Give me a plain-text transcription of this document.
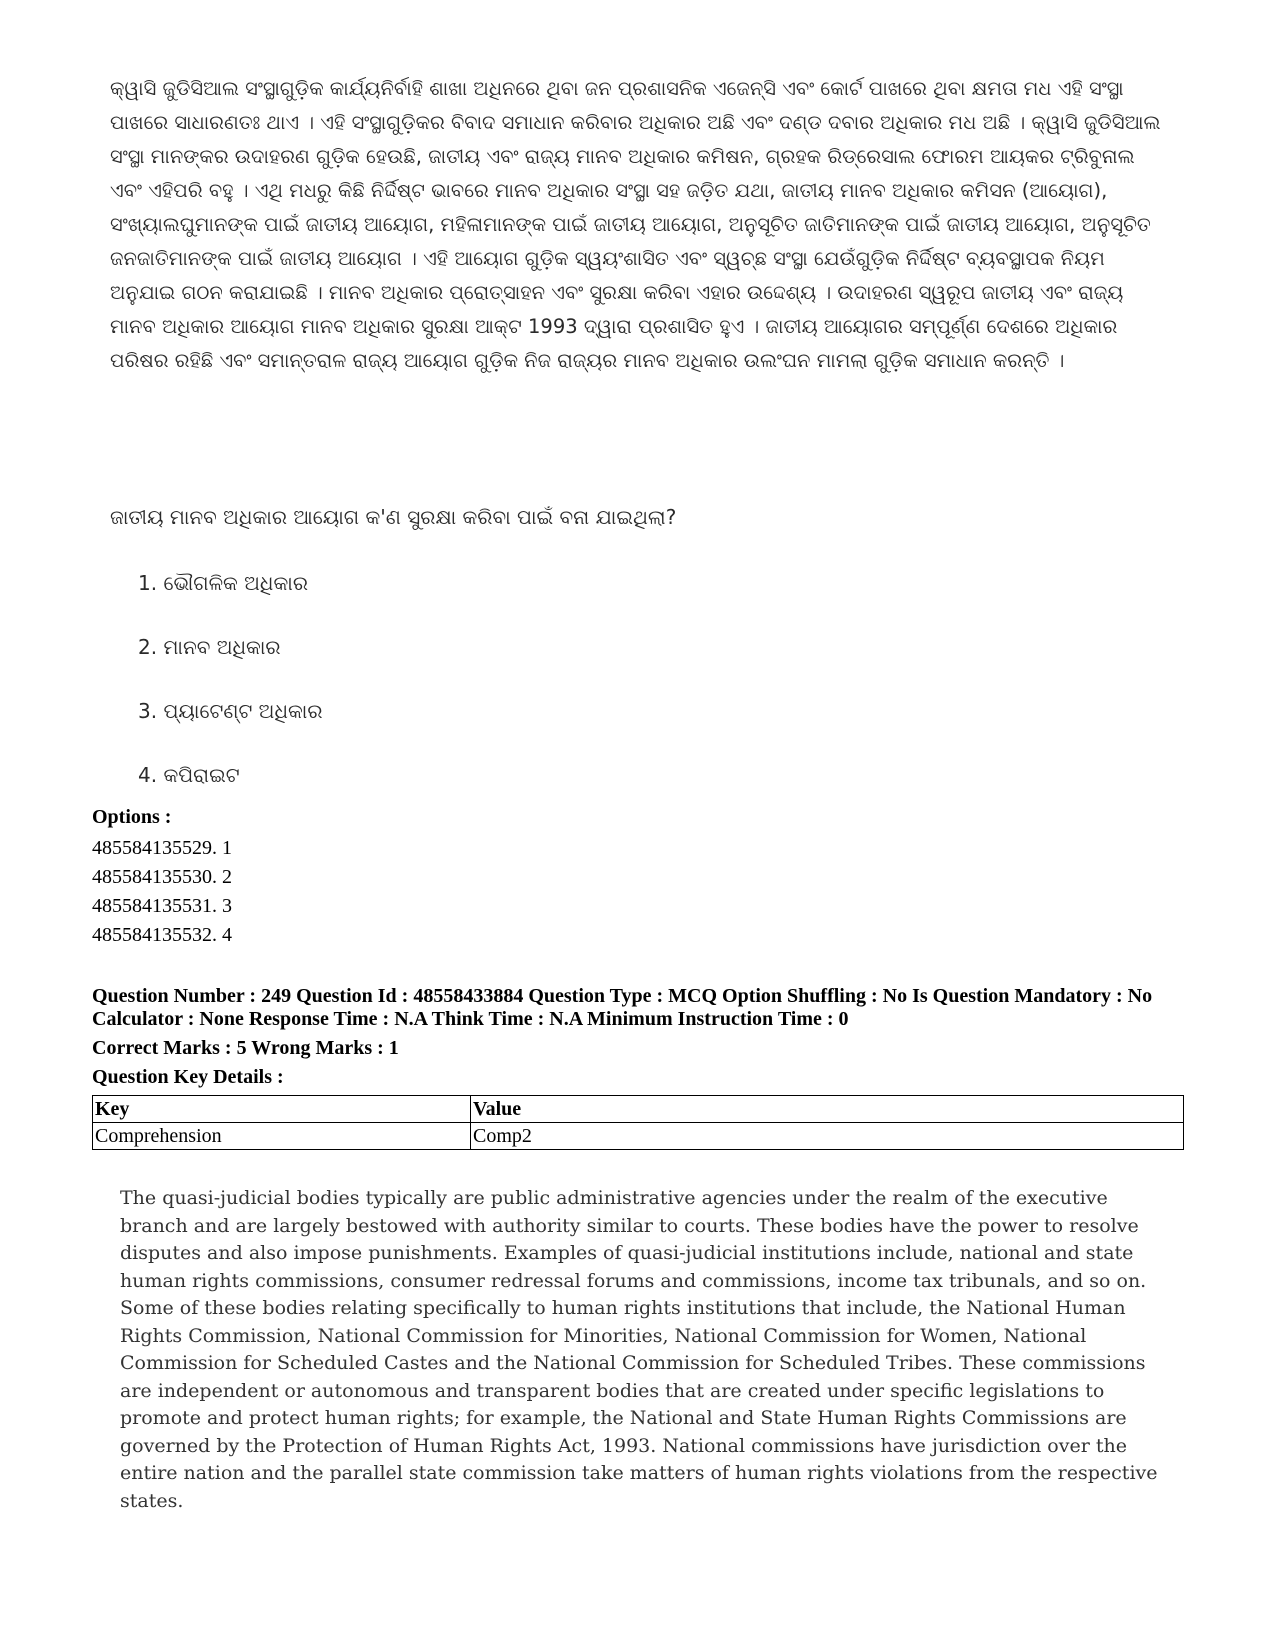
କ୍ୱାସି ଜୁଡିସିଆଲ ସଂସ୍ଥାଗୁଡ଼ିକ କାର୍ଯ୍ୟନିର୍ବାହି ଶାଖା ଅଧିନରେ ଥିବା ଜନ ପ୍ରଶାସନିକ ଏଜେନ୍ସି ଏବଂ କୋର୍ଟ ପାଖରେ ଥିବା କ୍ଷମତା ମଧ ଏହି ସଂସ୍ଥା ପାଖରେ ସାଧାରଣତଃ ଥାଏ । ଏହି ସଂସ୍ଥାଗୁଡ଼ିକର ବିବାଦ ସମାଧାନ କରିବାର ଅଧିକାର ଅଛି ଏବଂ ଦଣ୍ଡ ଦବାର ଅଧିକାର ମଧ ଅଛି । କ୍ୱାସି ଜୁଡିସିଆଲ ସଂସ୍ଥା ମାନଙ୍କର ଉଦାହରଣ ଗୁଡ଼ିକ ହେଉଛି, ଜାତୀୟ ଏବଂ ରାଜ୍ୟ ମାନବ ଅଧିକାର କମିଷନ, ଗ୍ରହକ ରିଡ୍ରେସାଲ ଫୋରମ ଆୟକର ଟ୍ରିବୁନାଲ ଏବଂ ଏହିପରି ବହୁ । ଏଥି ମଧରୁ କିଛି ନିର୍ଦ୍ଦିଷ୍ଟ ଭାବରେ ମାନବ ଅଧିକାର ସଂସ୍ଥା ସହ ଜଡ଼ିତ ଯଥା, ଜାତୀୟ ମାନବ ଅଧିକାର କମିସନ (ଆୟୋଗ), ସଂଖ୍ୟାଲଘୁମାନଙ୍କ ପାଇଁ ଜାତୀୟ ଆୟୋଗ, ମହିଳାମାନଙ୍କ ପାଇଁ ଜାତୀୟ ଆୟୋଗ, ଅନୁସୂଚିତ ଜାତିମାନଙ୍କ ପାଇଁ ଜାତୀୟ ଆୟୋଗ, ଅନୁସୂଚିତ ଜନଜାତିମାନଙ୍କ ପାଇଁ ଜାତୀୟ ଆୟୋଗ । ଏହି ଆୟୋଗ ଗୁଡ଼ିକ ସ୍ୱୟଂଶାସିତ ଏବଂ ସ୍ୱଚ୍ଛ ସଂସ୍ଥା ଯେଉଁଗୁଡ଼ିକ ନିର୍ଦ୍ଦିଷ୍ଟ ବ୍ୟବସ୍ଥାପକ ନିୟମ ଅନୁଯାଇ ଗଠନ କରାଯାଇଛି । ମାନବ ଅଧିକାର ପ୍ରୋତ୍ସାହନ ଏବଂ ସୁରକ୍ଷା କରିବା ଏହାର ଉଦ୍ଦେଶ୍ୟ । ଉଦାହରଣ ସ୍ୱରୂପ ଜାତୀୟ ଏବଂ ରାଜ୍ୟ ମାନବ ଅଧିକାର ଆୟୋଗ ମାନବ ଅଧିକାର ସୁରକ୍ଷା ଆକ୍ଟ 1993 ଦ୍ୱାରା ପ୍ରଶାସିତ ହୁଏ । ଜାତୀୟ ଆୟୋଗର ସମ୍ପୂର୍ଣ୍ଣ ଦେଶରେ ଅଧିକାର ପରିଷର ରହିଛି ଏବଂ ସମାନ୍ତରାଳ ରାଜ୍ୟ ଆୟୋଗ ଗୁଡ଼ିକ ନିଜ ରାଜ୍ୟର ମାନବ ଅଧିକାର ଉଲଂଘନ ମାମଲା ଗୁଡ଼ିକ ସମାଧାନ କରନ୍ତି ।
ଜାତୀୟ ମାନବ ଅଧିକାର ଆୟୋଗ କ'ଣ ସୁରକ୍ଷା କରିବା ପାଇଁ ବନା ଯାଇଥିଲା?
1. ଭୌଗଳିକ ଅଧିକାର
2. ମାନବ ଅଧିକାର
3. ପ୍ୟାଟେଣ୍ଟ ଅଧିକାର
4. କପିରାଇଟ
Options :
485584135529. 1
485584135530. 2
485584135531. 3
485584135532. 4
Question Number : 249 Question Id : 48558433884 Question Type : MCQ Option Shuffling : No Is Question Mandatory : No Calculator : None Response Time : N.A Think Time : N.A Minimum Instruction Time : 0
Correct Marks : 5 Wrong Marks : 1
Question Key Details :
Key	Value
Comprehension	Comp2
The quasi-judicial bodies typically are public administrative agencies under the realm of the executive branch and are largely bestowed with authority similar to courts. These bodies have the power to resolve disputes and also impose punishments. Examples of quasi-judicial institutions include, national and state human rights commissions, consumer redressal forums and commissions, income tax tribunals, and so on. Some of these bodies relating specifically to human rights institutions that include, the National Human Rights Commission, National Commission for Minorities, National Commission for Women, National Commission for Scheduled Castes and the National Commission for Scheduled Tribes. These commissions are independent or autonomous and transparent bodies that are created under specific legislations to promote and protect human rights; for example, the National and State Human Rights Commissions are governed by the Protection of Human Rights Act, 1993. National commissions have jurisdiction over the entire nation and the parallel state commission take matters of human rights violations from the respective states.
